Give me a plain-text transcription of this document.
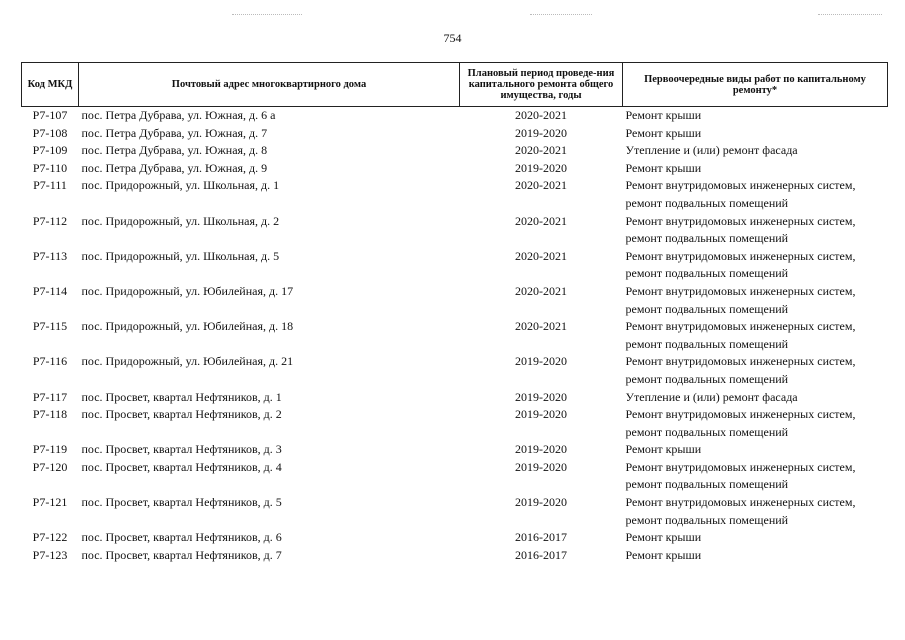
754
Код МКД	Почтовый адрес многоквартирного дома	Плановый период проведе-ния капитального ремонта общего имущества, годы	Первоочередные виды работ по капитальному ремонту*
Р7-107	пос. Петра Дубрава, ул. Южная, д. 6 а	2020-2021	Ремонт крыши

Р7-108	пос. Петра Дубрава, ул. Южная, д. 7	2019-2020	Ремонт крыши

Р7-109	пос. Петра Дубрава, ул. Южная, д. 8	2020-2021	Утепление и (или) ремонт фасада

Р7-110	пос. Петра Дубрава, ул. Южная, д. 9	2019-2020	Ремонт крыши

Р7-111	пос. Придорожный, ул. Школьная, д. 1	2020-2021	Ремонт внутридомовых инженерных систем,
ремонт подвальных помещений

Р7-112	пос. Придорожный, ул. Школьная, д. 2	2020-2021	Ремонт внутридомовых инженерных систем,
ремонт подвальных помещений

Р7-113	пос. Придорожный, ул. Школьная, д. 5	2020-2021	Ремонт внутридомовых инженерных систем,
ремонт подвальных помещений

Р7-114	пос. Придорожный, ул. Юбилейная, д. 17	2020-2021	Ремонт внутридомовых инженерных систем,
ремонт подвальных помещений

Р7-115	пос. Придорожный, ул. Юбилейная, д. 18	2020-2021	Ремонт внутридомовых инженерных систем,
ремонт подвальных помещений

Р7-116	пос. Придорожный, ул. Юбилейная, д. 21	2019-2020	Ремонт внутридомовых инженерных систем,
ремонт подвальных помещений

Р7-117	пос. Просвет, квартал Нефтяников, д. 1	2019-2020	Утепление и (или) ремонт фасада

Р7-118	пос. Просвет, квартал Нефтяников, д. 2	2019-2020	Ремонт внутридомовых инженерных систем,
ремонт подвальных помещений

Р7-119	пос. Просвет, квартал Нефтяников, д. 3	2019-2020	Ремонт крыши

Р7-120	пос. Просвет, квартал Нефтяников, д. 4	2019-2020	Ремонт внутридомовых инженерных систем,
ремонт подвальных помещений

Р7-121	пос. Просвет, квартал Нефтяников, д. 5	2019-2020	Ремонт внутридомовых инженерных систем,
ремонт подвальных помещений

Р7-122	пос. Просвет, квартал Нефтяников, д. 6	2016-2017	Ремонт крыши

Р7-123	пос. Просвет, квартал Нефтяников, д. 7	2016-2017	Ремонт крыши
